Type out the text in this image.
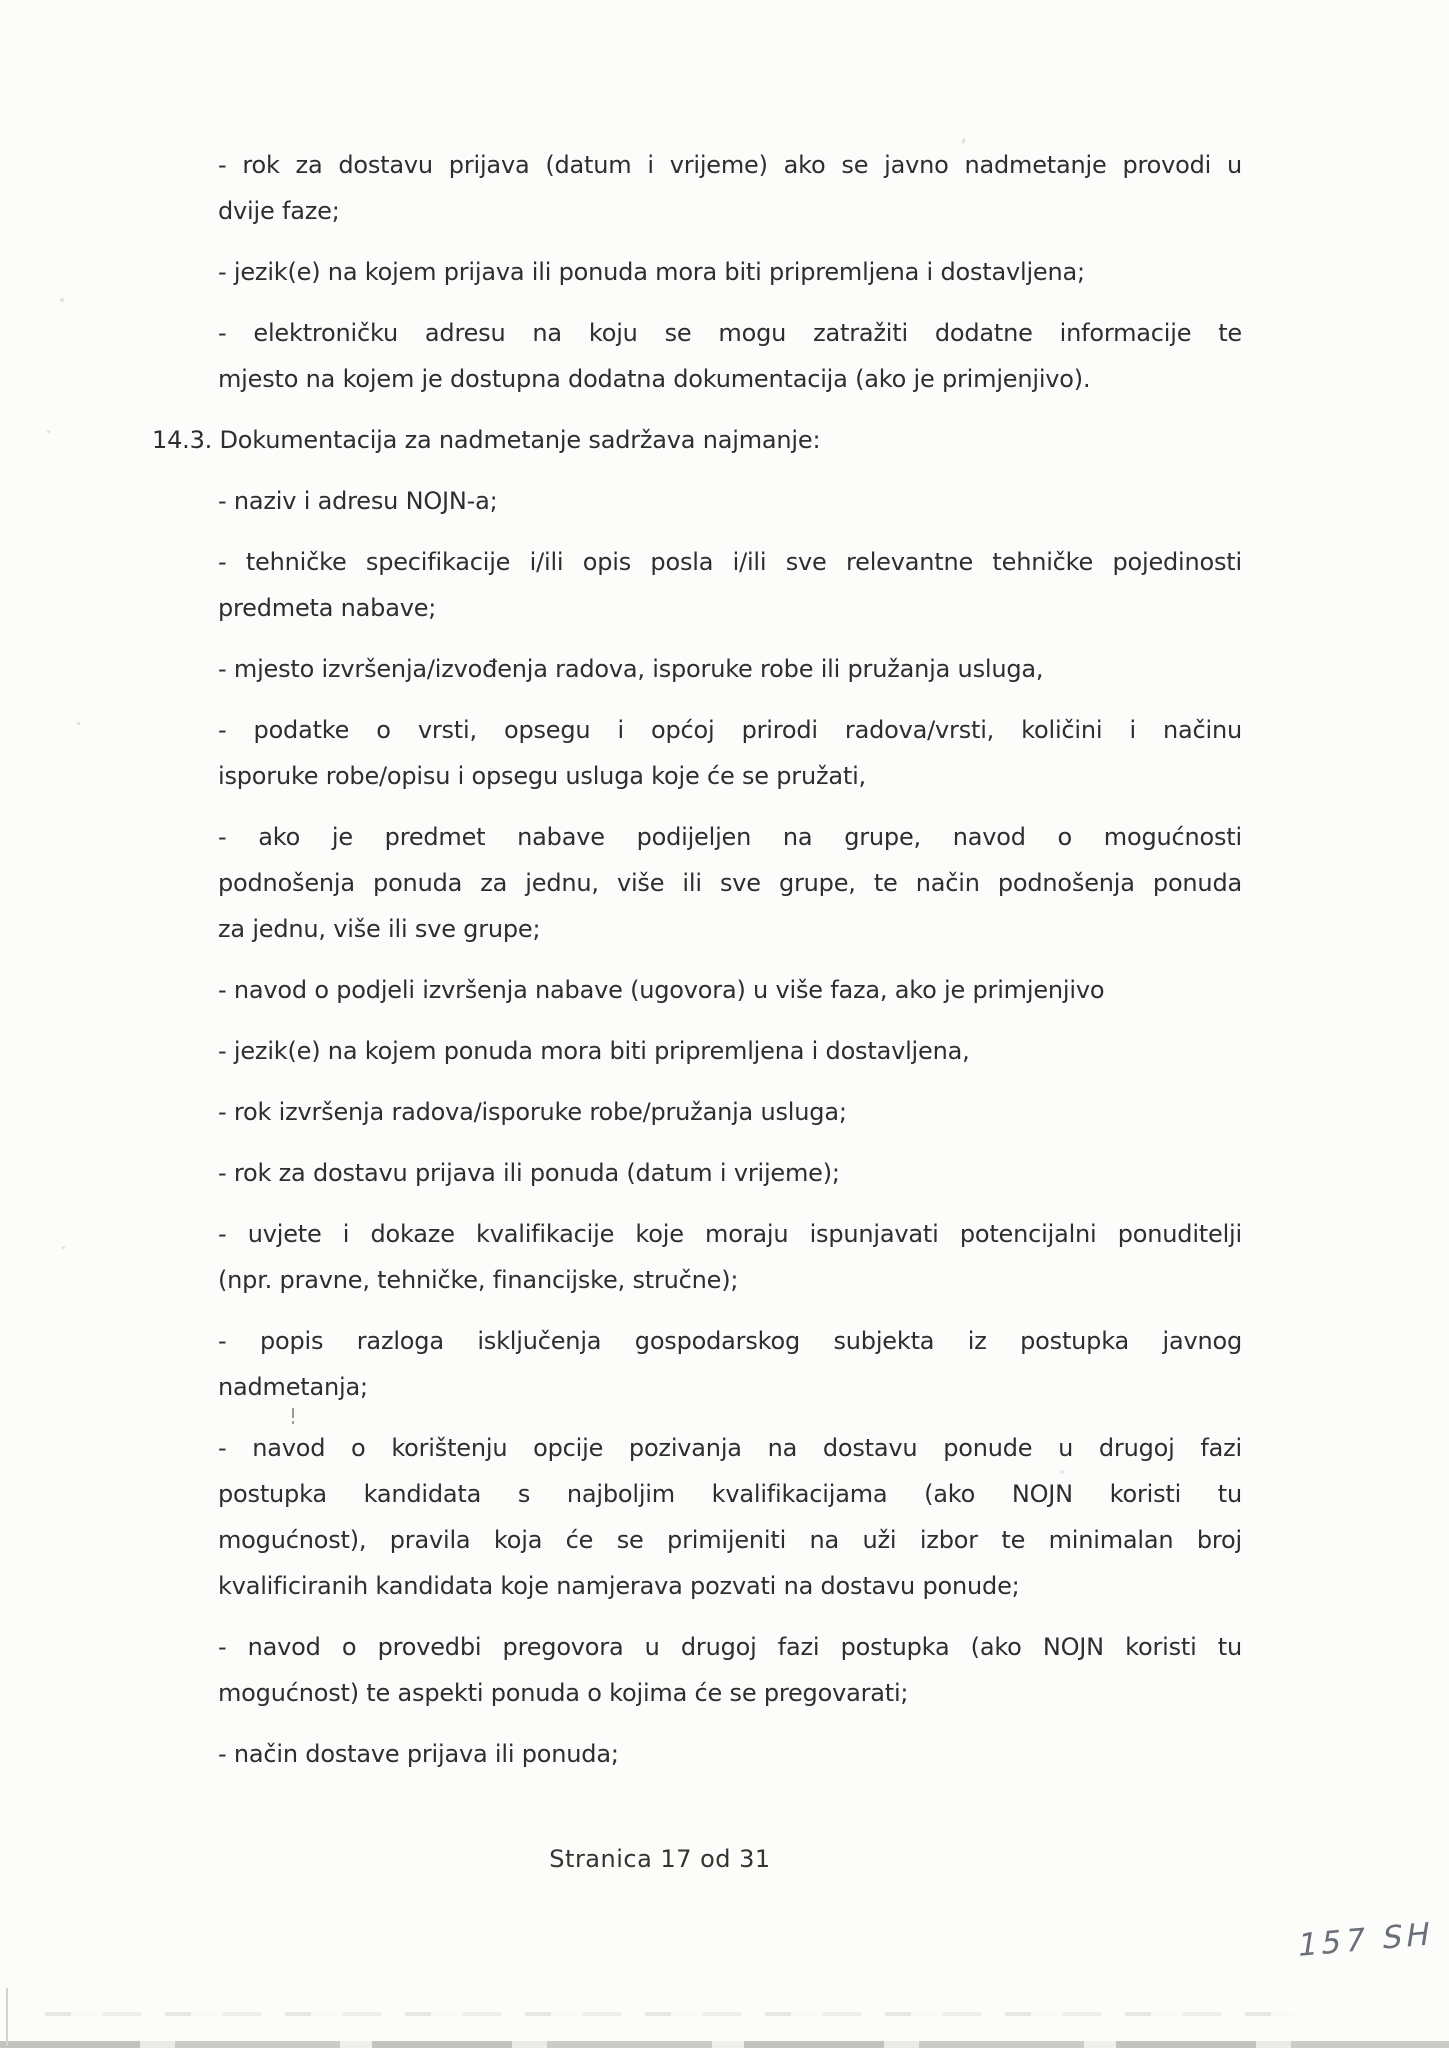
- rok za dostavu prijava (datum i vrijeme) ako se javno nadmetanje provodi u
dvije faze;
- jezik(e) na kojem prijava ili ponuda mora biti pripremljena i dostavljena;
- elektroničku adresu na koju se mogu zatražiti dodatne informacije te
mjesto na kojem je dostupna dodatna dokumentacija (ako je primjenjivo).
14.3. Dokumentacija za nadmetanje sadržava najmanje:
- naziv i adresu NOJN-a;
- tehničke specifikacije i/ili opis posla i/ili sve relevantne tehničke pojedinosti
predmeta nabave;
- mjesto izvršenja/izvođenja radova, isporuke robe ili pružanja usluga,
- podatke o vrsti, opsegu i općoj prirodi radova/vrsti, količini i načinu
isporuke robe/opisu i opsegu usluga koje će se pružati,
- ako je predmet nabave podijeljen na grupe, navod o mogućnosti
podnošenja ponuda za jednu, više ili sve grupe, te način podnošenja ponuda
za jednu, više ili sve grupe;
- navod o podjeli izvršenja nabave (ugovora) u više faza, ako je primjenjivo
- jezik(e) na kojem ponuda mora biti pripremljena i dostavljena,
- rok izvršenja radova/isporuke robe/pružanja usluga;
- rok za dostavu prijava ili ponuda (datum i vrijeme);
- uvjete i dokaze kvalifikacije koje moraju ispunjavati potencijalni ponuditelji
(npr. pravne, tehničke, financijske, stručne);
- popis razloga isključenja gospodarskog subjekta iz postupka javnog
nadmetanja;
- navod o korištenju opcije pozivanja na dostavu ponude u drugoj fazi
postupka kandidata s najboljim kvalifikacijama (ako NOJN koristi tu
mogućnost), pravila koja će se primijeniti na uži izbor te minimalan broj
kvalificiranih kandidata koje namjerava pozvati na dostavu ponude;
- navod o provedbi pregovora u drugoj fazi postupka (ako NOJN koristi tu
mogućnost) te aspekti ponuda o kojima će se pregovarati;
- način dostave prijava ili ponuda;
Stranica 17 od 31
157 SH
